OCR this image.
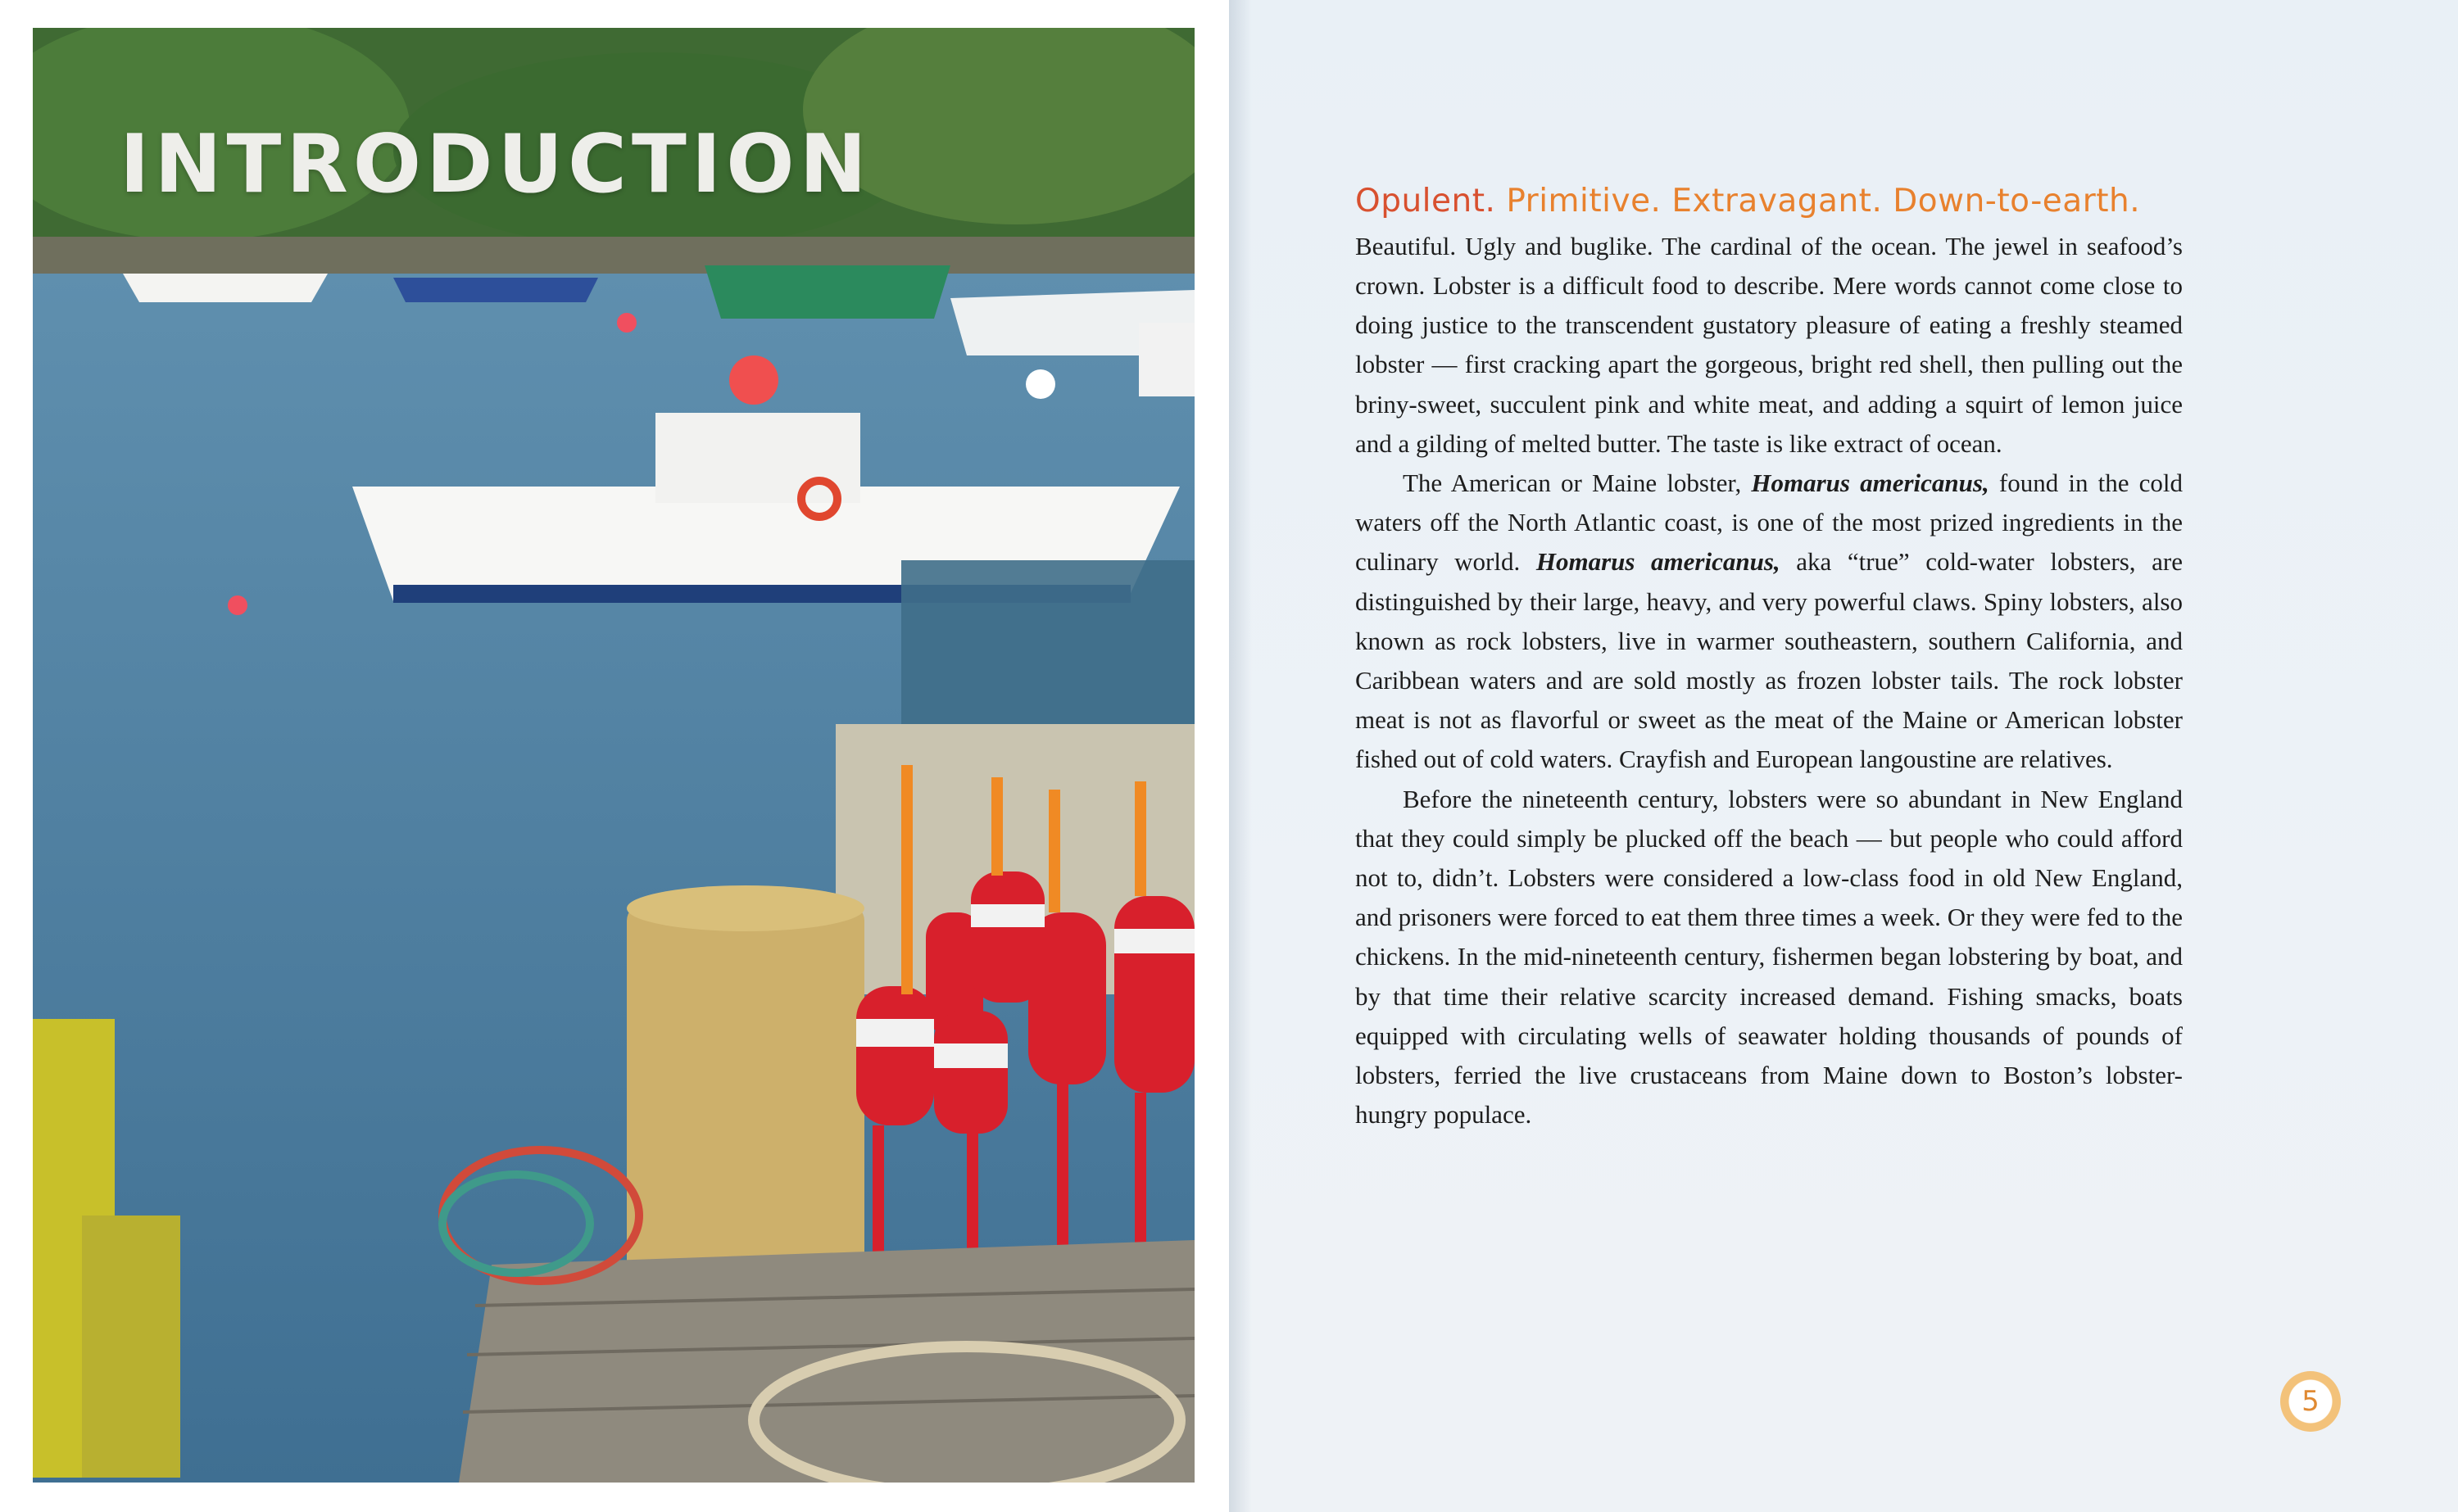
INTRODUCTION	Opulent. Primitive. Extravagant. Down-to-earth.

Beautiful. Ugly and buglike. The cardinal of the ocean. The jewel in seafood’s crown. Lobster is a difficult food to describe. Mere words cannot come close to doing justice to the transcendent gustatory pleasure of eating a freshly steamed lobster — first cracking apart the gorgeous, bright red shell, then pulling out the briny-sweet, succulent pink and white meat, and adding a squirt of lemon juice and a gilding of melted butter. The taste is like extract of ocean.

The American or Maine lobster, Homarus americanus, found in the cold waters off the North Atlantic coast, is one of the most prized ingredients in the culinary world. Homarus americanus, aka “true” cold-water lobsters, are distinguished by their large, heavy, and very powerful claws. Spiny lobsters, also known as rock lobsters, live in warmer southeastern, southern California, and Caribbean waters and are sold mostly as frozen lobster tails. The rock lobster meat is not as flavorful or sweet as the meat of the Maine or American lobster fished out of cold waters. Crayfish and European langoustine are relatives.

Before the nineteenth century, lobsters were so abundant in New England that they could simply be plucked off the beach — but people who could afford not to, didn’t. Lobsters were considered a low-class food in old New England, and prisoners were forced to eat them three times a week. Or they were fed to the chickens. In the mid-nineteenth century, fishermen began lobstering by boat, and by that time their relative scarcity increased demand. Fishing smacks, boats equipped with circulating wells of seawater holding thousands of pounds of lobsters, ferried the live crustaceans from Maine down to Boston’s lobster-hungry populace.

5
